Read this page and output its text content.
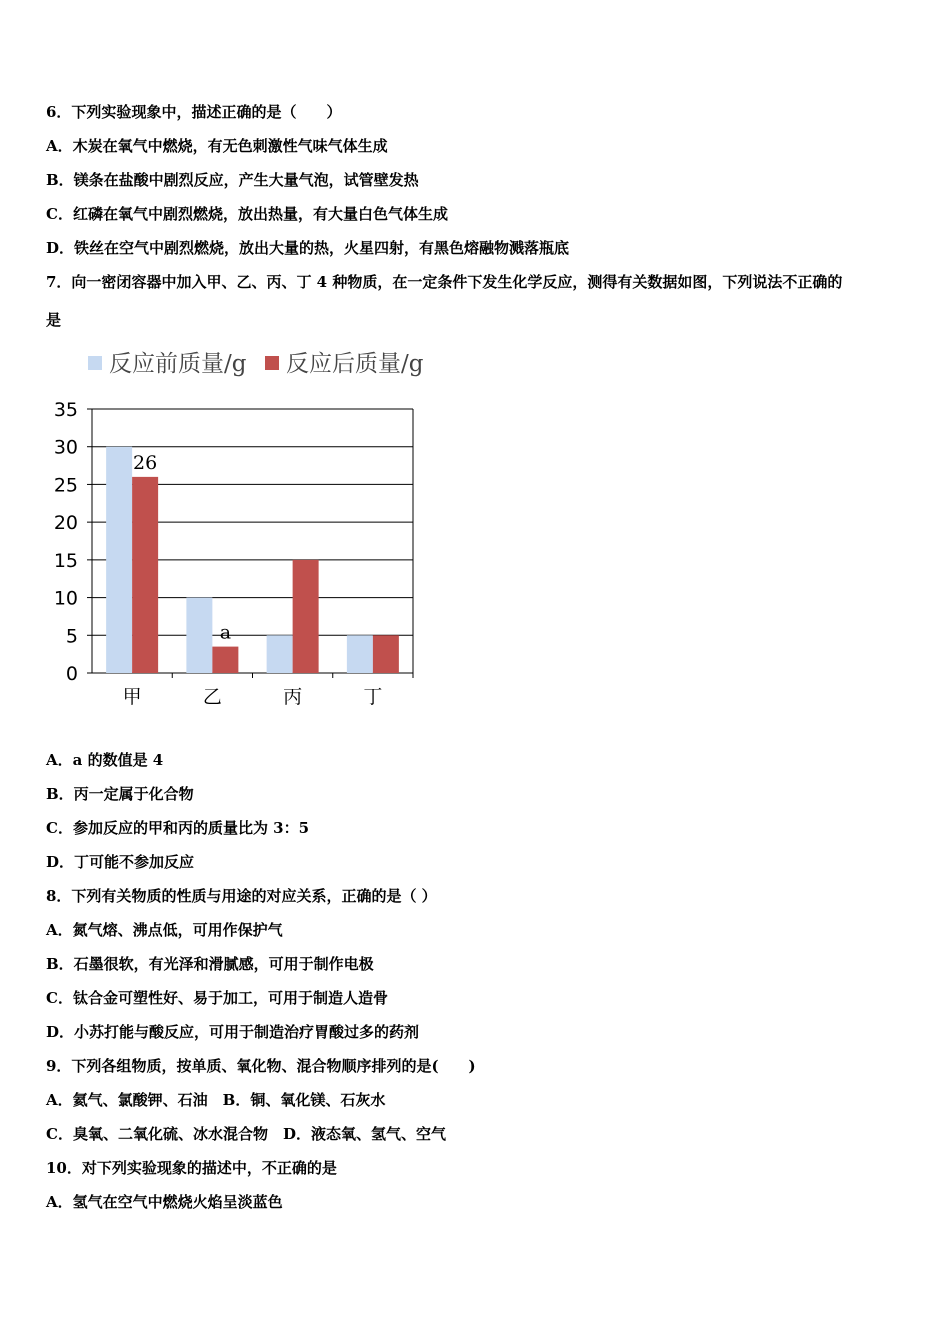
6．下列实验现象中，描述正确的是（　　）
A．木炭在氧气中燃烧，有无色刺激性气味气体生成
B．镁条在盐酸中剧烈反应，产生大量气泡，试管壁发热
C．红磷在氧气中剧烈燃烧，放出热量，有大量白色气体生成
D．铁丝在空气中剧烈燃烧，放出大量的热，火星四射，有黑色熔融物溅落瓶底
7．向一密闭容器中加入甲、乙、丙、丁 4 种物质，在一定条件下发生化学反应，测得有关数据如图，下列说法不正确的
是
反应前质量/g 反应后质量/g
0
5
10
15
20
25
30
35
甲	乙	丙	丁
26
a
A．a 的数值是 4
B．丙一定属于化合物
C．参加反应的甲和丙的质量比为 3：5
D．丁可能不参加反应
8．下列有关物质的性质与用途的对应关系，正确的是（ ）
A．氮气熔、沸点低，可用作保护气
B．石墨很软，有光泽和滑腻感，可用于制作电极
C．钛合金可塑性好、易于加工，可用于制造人造骨
D．小苏打能与酸反应，可用于制造治疗胃酸过多的药剂
9．下列各组物质，按单质、氧化物、混合物顺序排列的是(　　)
A．氦气、氯酸钾、石油　B．铜、氧化镁、石灰水
C．臭氧、二氧化硫、冰水混合物　D．液态氧、氢气、空气
10．对下列实验现象的描述中，不正确的是
A．氢气在空气中燃烧火焰呈淡蓝色
